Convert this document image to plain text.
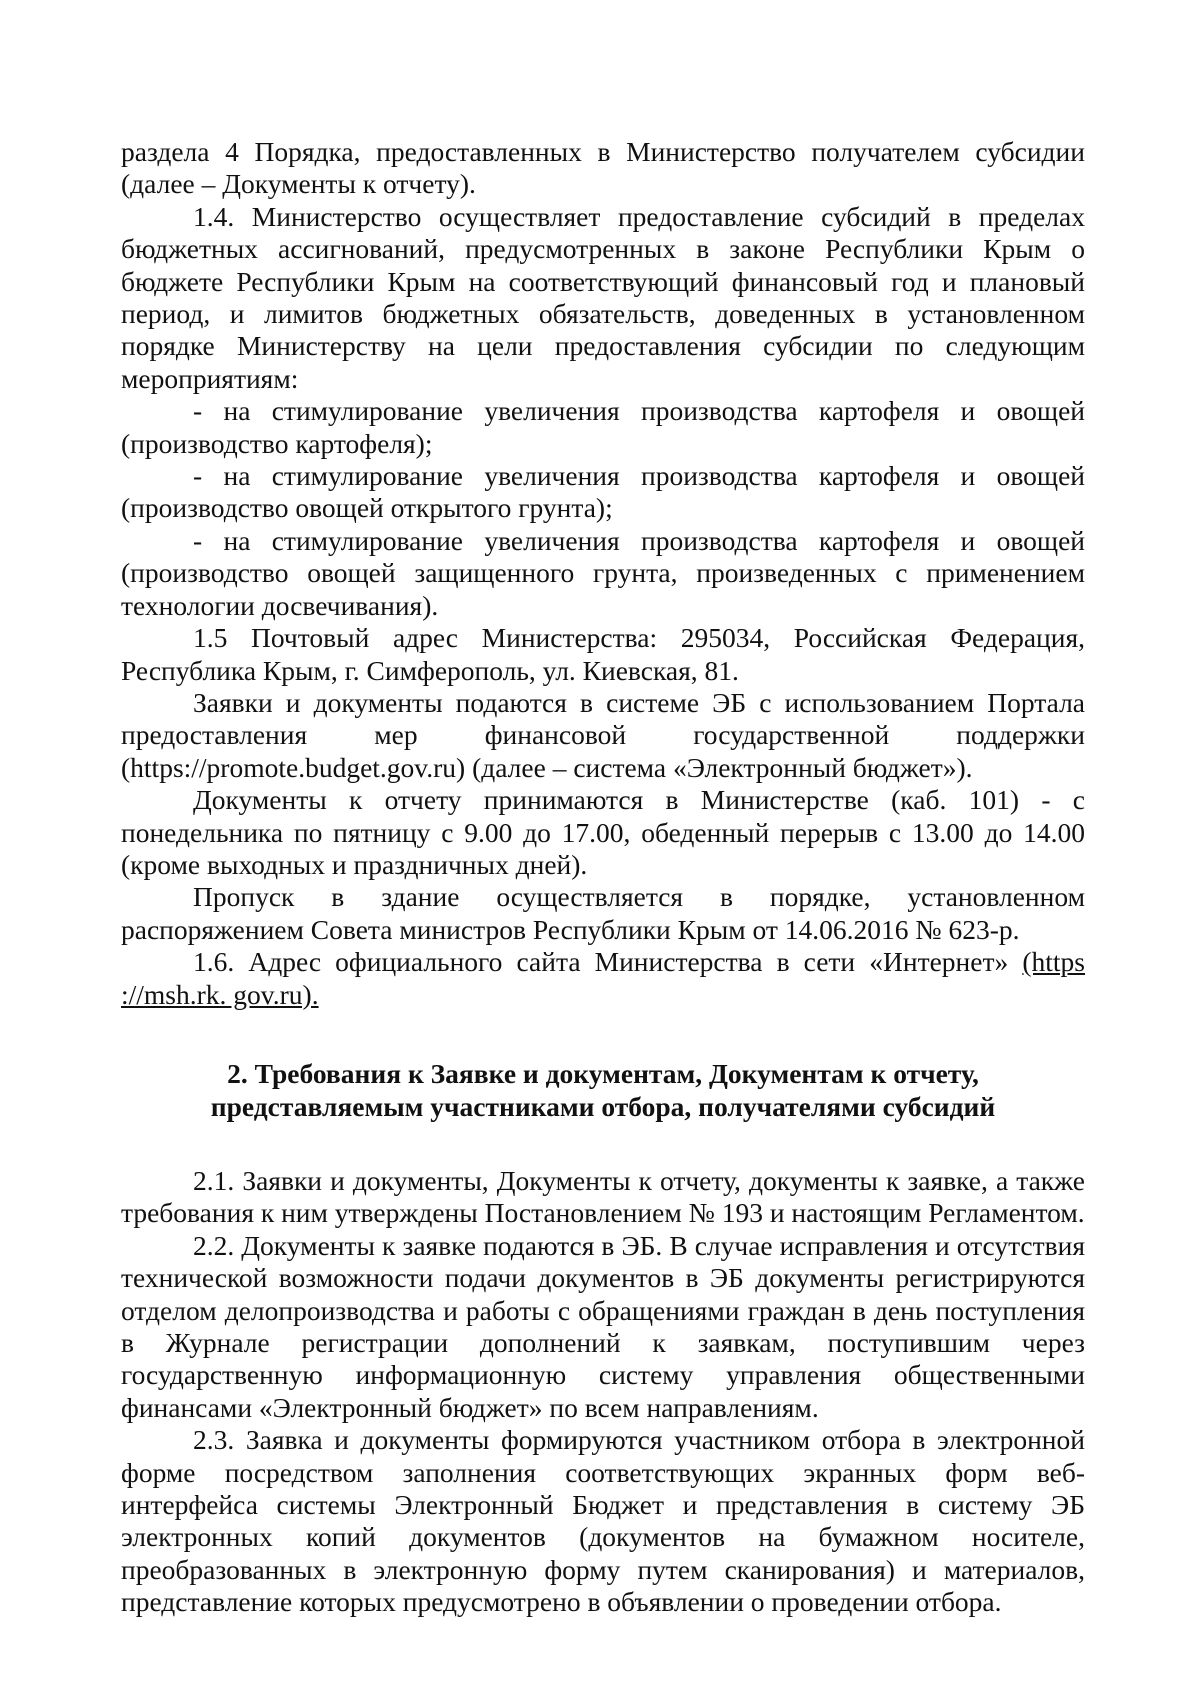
раздела 4 Порядка, предоставленных в Министерство получателем субсидии (далее – Документы к отчету).

1.4. Министерство осуществляет предоставление субсидий в пределах бюджетных ассигнований, предусмотренных в законе Республики Крым о бюджете Республики Крым на соответствующий финансовый год и плановый период, и лимитов бюджетных обязательств, доведенных в установленном порядке Министерству на цели предоставления субсидии по следующим мероприятиям:

- на стимулирование увеличения производства картофеля и овощей (производство картофеля);

- на стимулирование увеличения производства картофеля и овощей (производство овощей открытого грунта);

- на стимулирование увеличения производства картофеля и овощей (производство овощей защищенного грунта, произведенных с применением технологии досвечивания).

1.5 Почтовый адрес Министерства: 295034, Российская Федерация, Республика Крым, г. Симферополь, ул. Киевская, 81.

Заявки и документы подаются в системе ЭБ с использованием Портала предоставления мер финансовой государственной поддержки (https://promote.budget.gov.ru) (далее – система «Электронный бюджет»).

Документы к отчету принимаются в Министерстве (каб. 101) - с понедельника по пятницу с 9.00 до 17.00, обеденный перерыв с 13.00 до 14.00 (кроме выходных и праздничных дней).

Пропуск в здание осуществляется в порядке, установленном распоряжением Совета министров Республики Крым от 14.06.2016 № 623-р.

1.6. Адрес официального сайта Министерства в сети «Интернет» (https ://msh.rk. gov.ru).

2. Требования к Заявке и документам, Документам к отчету, представляемым участниками отбора, получателями субсидий

2.1. Заявки и документы, Документы к отчету, документы к заявке, а также требования к ним утверждены Постановлением № 193 и настоящим Регламентом.

2.2. Документы к заявке подаются в ЭБ. В случае исправления и отсутствия технической возможности подачи документов в ЭБ документы регистрируются отделом делопроизводства и работы с обращениями граждан в день поступления в Журнале регистрации дополнений к заявкам, поступившим через государственную информационную систему управления общественными финансами «Электронный бюджет» по всем направлениям.

2.3. Заявка и документы формируются участником отбора в электронной форме посредством заполнения соответствующих экранных форм веб-интерфейса системы Электронный Бюджет и представления в систему ЭБ электронных копий документов (документов на бумажном носителе, преобразованных в электронную форму путем сканирования) и материалов, представление которых предусмотрено в объявлении о проведении отбора.
